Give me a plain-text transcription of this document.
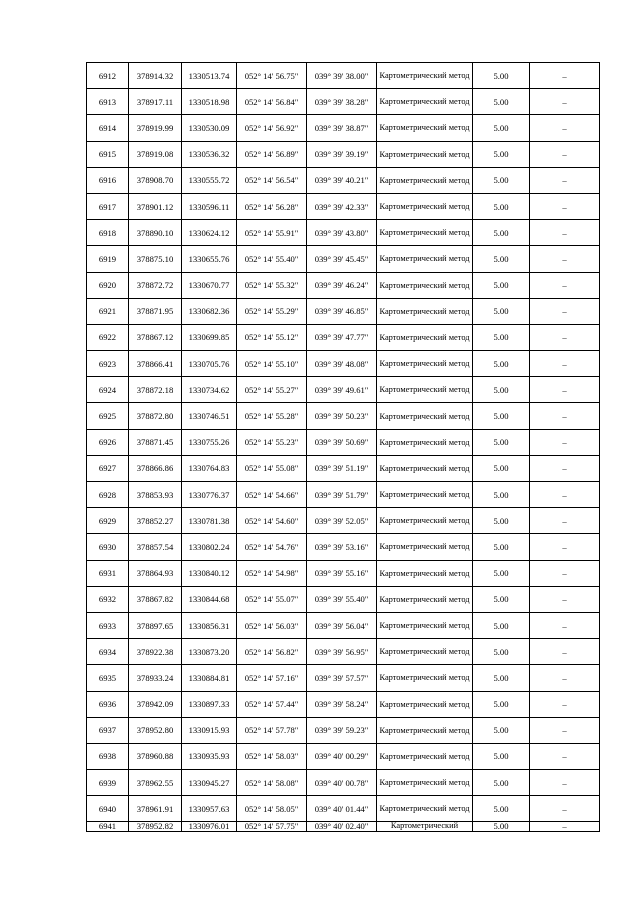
6912	378914.32	1330513.74	052° 14' 56.75"	039° 39' 38.00"	Картометрический метод	5.00	–
6913	378917.11	1330518.98	052° 14' 56.84"	039° 39' 38.28"	Картометрический метод	5.00	–
6914	378919.99	1330530.09	052° 14' 56.92"	039° 39' 38.87"	Картометрический метод	5.00	–
6915	378919.08	1330536.32	052° 14' 56.89"	039° 39' 39.19"	Картометрический метод	5.00	–
6916	378908.70	1330555.72	052° 14' 56.54"	039° 39' 40.21"	Картометрический метод	5.00	–
6917	378901.12	1330596.11	052° 14' 56.28"	039° 39' 42.33"	Картометрический метод	5.00	–
6918	378890.10	1330624.12	052° 14' 55.91"	039° 39' 43.80"	Картометрический метод	5.00	–
6919	378875.10	1330655.76	052° 14' 55.40"	039° 39' 45.45"	Картометрический метод	5.00	–
6920	378872.72	1330670.77	052° 14' 55.32"	039° 39' 46.24"	Картометрический метод	5.00	–
6921	378871.95	1330682.36	052° 14' 55.29"	039° 39' 46.85"	Картометрический метод	5.00	–
6922	378867.12	1330699.85	052° 14' 55.12"	039° 39' 47.77"	Картометрический метод	5.00	–
6923	378866.41	1330705.76	052° 14' 55.10"	039° 39' 48.08"	Картометрический метод	5.00	–
6924	378872.18	1330734.62	052° 14' 55.27"	039° 39' 49.61"	Картометрический метод	5.00	–
6925	378872.80	1330746.51	052° 14' 55.28"	039° 39' 50.23"	Картометрический метод	5.00	–
6926	378871.45	1330755.26	052° 14' 55.23"	039° 39' 50.69"	Картометрический метод	5.00	–
6927	378866.86	1330764.83	052° 14' 55.08"	039° 39' 51.19"	Картометрический метод	5.00	–
6928	378853.93	1330776.37	052° 14' 54.66"	039° 39' 51.79"	Картометрический метод	5.00	–
6929	378852.27	1330781.38	052° 14' 54.60"	039° 39' 52.05"	Картометрический метод	5.00	–
6930	378857.54	1330802.24	052° 14' 54.76"	039° 39' 53.16"	Картометрический метод	5.00	–
6931	378864.93	1330840.12	052° 14' 54.98"	039° 39' 55.16"	Картометрический метод	5.00	–
6932	378867.82	1330844.68	052° 14' 55.07"	039° 39' 55.40"	Картометрический метод	5.00	–
6933	378897.65	1330856.31	052° 14' 56.03"	039° 39' 56.04"	Картометрический метод	5.00	–
6934	378922.38	1330873.20	052° 14' 56.82"	039° 39' 56.95"	Картометрический метод	5.00	–
6935	378933.24	1330884.81	052° 14' 57.16"	039° 39' 57.57"	Картометрический метод	5.00	–
6936	378942.09	1330897.33	052° 14' 57.44"	039° 39' 58.24"	Картометрический метод	5.00	–
6937	378952.80	1330915.93	052° 14' 57.78"	039° 39' 59.23"	Картометрический метод	5.00	–
6938	378960.88	1330935.93	052° 14' 58.03"	039° 40' 00.29"	Картометрический метод	5.00	–
6939	378962.55	1330945.27	052° 14' 58.08"	039° 40' 00.78"	Картометрический метод	5.00	–
6940	378961.91	1330957.63	052° 14' 58.05"	039° 40' 01.44"	Картометрический метод	5.00	–
6941	378952.82	1330976.01	052° 14' 57.75"	039° 40' 02.40"	Картометрический	5.00	–
